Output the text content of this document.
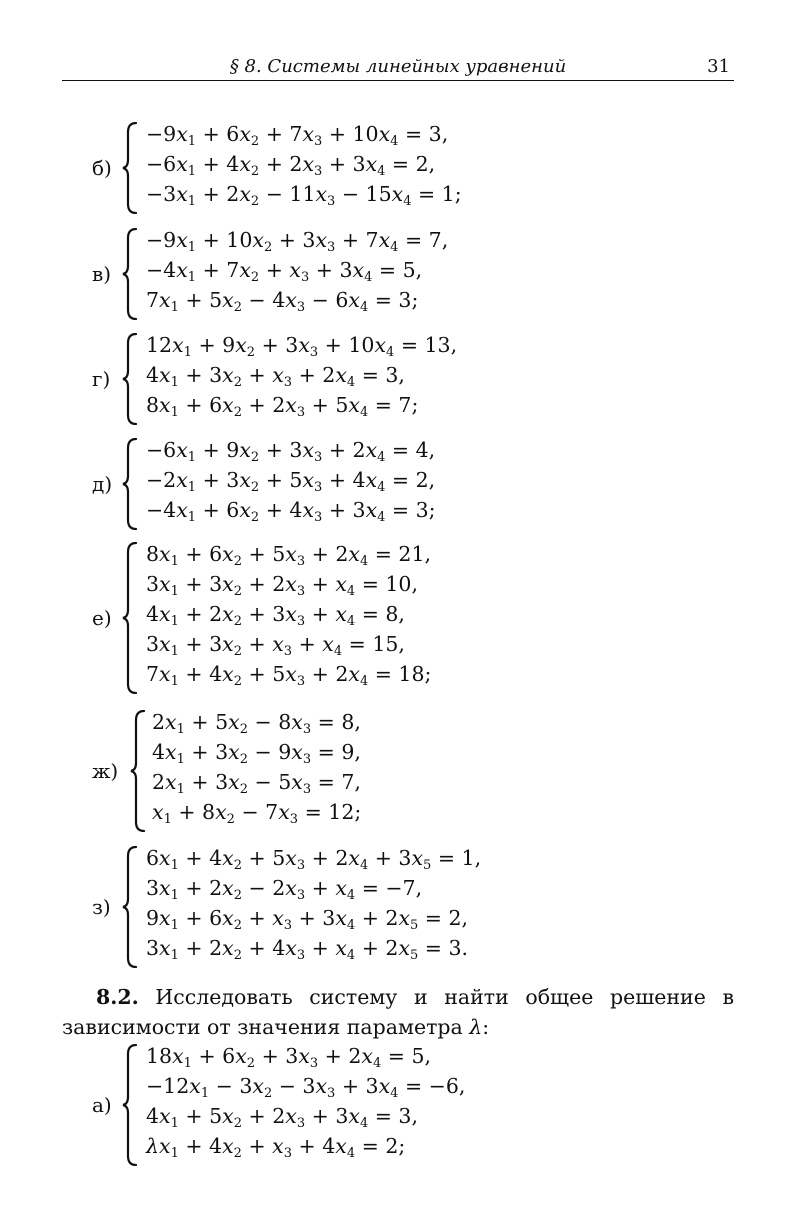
§ 8. Системы линейных уравнений	31
б)
$-9x_1 + 6x_2 + 7x_3 + 10x_4 = 3$,
$-6x_1 + 4x_2 + 2x_3 + 3x_4 = 2$,
$-3x_1 + 2x_2 - 11x_3 - 15x_4 = 1$;
в)
$-9x_1 + 10x_2 + 3x_3 + 7x_4 = 7$,
$-4x_1 + 7x_2 + x_3 + 3x_4 = 5$,
$7x_1 + 5x_2 - 4x_3 - 6x_4 = 3$;
г)
$12x_1 + 9x_2 + 3x_3 + 10x_4 = 13$,
$4x_1 + 3x_2 + x_3 + 2x_4 = 3$,
$8x_1 + 6x_2 + 2x_3 + 5x_4 = 7$;
д)
$-6x_1 + 9x_2 + 3x_3 + 2x_4 = 4$,
$-2x_1 + 3x_2 + 5x_3 + 4x_4 = 2$,
$-4x_1 + 6x_2 + 4x_3 + 3x_4 = 3$;
е)
$8x_1 + 6x_2 + 5x_3 + 2x_4 = 21$,
$3x_1 + 3x_2 + 2x_3 + x_4 = 10$,
$4x_1 + 2x_2 + 3x_3 + x_4 = 8$,
$3x_1 + 3x_2 + x_3 + x_4 = 15$,
$7x_1 + 4x_2 + 5x_3 + 2x_4 = 18$;
ж)
$2x_1 + 5x_2 - 8x_3 = 8$,
$4x_1 + 3x_2 - 9x_3 = 9$,
$2x_1 + 3x_2 - 5x_3 = 7$,
$x_1 + 8x_2 - 7x_3 = 12$;
з)
$6x_1 + 4x_2 + 5x_3 + 2x_4 + 3x_5 = 1$,
$3x_1 + 2x_2 - 2x_3 + x_4 = -7$,
$9x_1 + 6x_2 + x_3 + 3x_4 + 2x_5 = 2$,
$3x_1 + 2x_2 + 4x_3 + x_4 + 2x_5 = 3$.
а)
$18x_1 + 6x_2 + 3x_3 + 2x_4 = 5$,
$-12x_1 - 3x_2 - 3x_3 + 3x_4 = -6$,
$4x_1 + 5x_2 + 2x_3 + 3x_4 = 3$,
$\lambda x_1 + 4x_2 + x_3 + 4x_4 = 2$;
8.2. Исследовать систему и найти общее решение в зависимости от значения параметра λ:
